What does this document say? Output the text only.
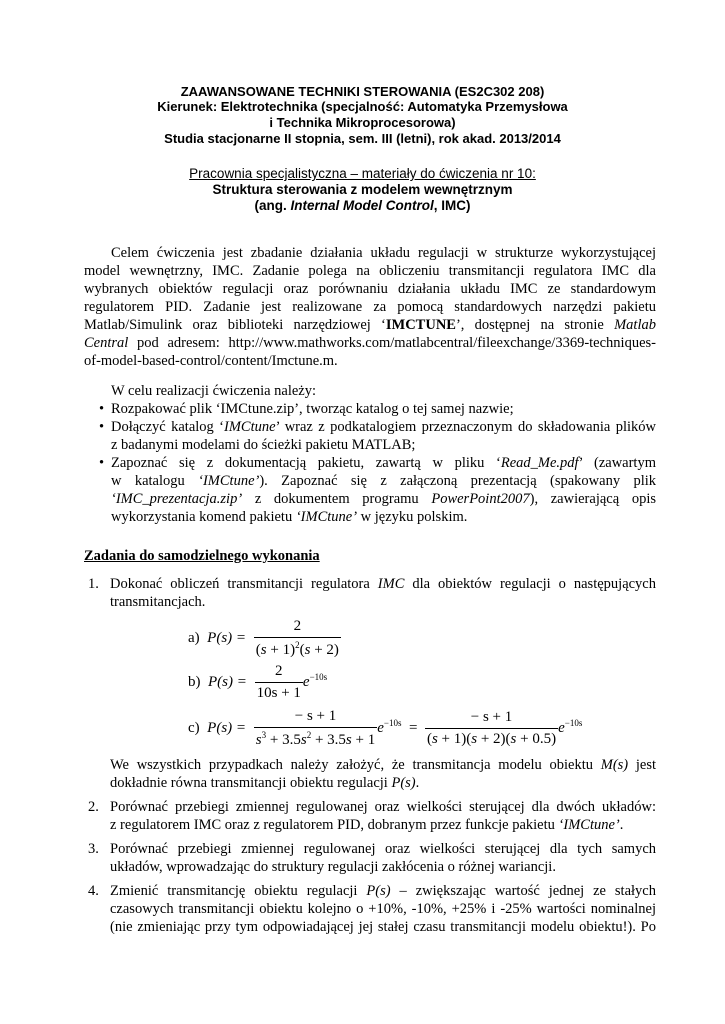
ZAAWANSOWANE TECHNIKI STEROWANIA (ES2C302 208)
Kierunek: Elektrotechnika (specjalność: Automatyka Przemysłowa
i Technika Mikroprocesorowa)
Studia stacjonarne II stopnia, sem. III (letni), rok akad. 2013/2014
Pracownia specjalistyczna – materiały do ćwiczenia nr 10:
Struktura sterowania z modelem wewnętrznym
(ang. Internal Model Control, IMC)
Celem ćwiczenia jest zbadanie działania układu regulacji w strukturze wykorzystującej
model wewnętrzny, IMC. Zadanie polega na obliczeniu transmitancji regulatora IMC dla
wybranych obiektów regulacji oraz porównaniu działania układu IMC ze standardowym
regulatorem PID. Zadanie jest realizowane za pomocą standardowych narzędzi pakietu
Matlab/Simulink oraz biblioteki narzędziowej ‘IMCTUNE’, dostępnej na stronie Matlab
Central pod adresem: http://www.mathworks.com/matlabcentral/fileexchange/3369-techniques-
of-model-based-control/content/Imctune.m.
W celu realizacji ćwiczenia należy:
• Rozpakować plik ‘IMCtune.zip’, tworząc katalog o tej samej nazwie;
• Dołączyć katalog ‘IMCtune’ wraz z podkatalogiem przeznaczonym do składowania plików
z badanymi modelami do ścieżki pakietu MATLAB;
• Zapoznać się z dokumentacją pakietu, zawartą w pliku ‘Read_Me.pdf’ (zawartym
w katalogu ‘IMCtune’). Zapoznać się z załączoną prezentacją (spakowany plik
‘IMC_prezentacja.zip’ z dokumentem programu PowerPoint2007), zawierającą opis
wykorzystania komend pakietu ‘IMCtune’ w języku polskim.
Zadania do samodzielnego wykonania
1. Dokonać obliczeń transmitancji regulatora IMC dla obiektów regulacji o następujących
transmitancjach.
a) $P(s) = \frac{2}{(s + 1)^2(s + 2)}$
b) $P(s) = \frac{2}{10s + 1} e^{-10s}$
c) $P(s) = \frac{- s + 1}{s^3 + 3.5s^2 + 3.5s + 1} e^{-10s} = \frac{- s + 1}{(s + 1)(s + 2)(s + 0.5)} e^{-10s}$
We wszystkich przypadkach należy założyć, że transmitancja modelu obiektu M(s) jest
dokładnie równa transmitancji obiektu regulacji P(s).
2. Porównać przebiegi zmiennej regulowanej oraz wielkości sterującej dla dwóch układów:
z regulatorem IMC oraz z regulatorem PID, dobranym przez funkcje pakietu ‘IMCtune’.
3. Porównać przebiegi zmiennej regulowanej oraz wielkości sterującej dla tych samych
układów, wprowadzając do struktury regulacji zakłócenia o różnej wariancji.
4. Zmienić transmitancję obiektu regulacji P(s) – zwiększając wartość jednej ze stałych
czasowych transmitancji obiektu kolejno o +10%, -10%, +25% i -25% wartości nominalnej
(nie zmieniając przy tym odpowiadającej jej stałej czasu transmitancji modelu obiektu!). Po
